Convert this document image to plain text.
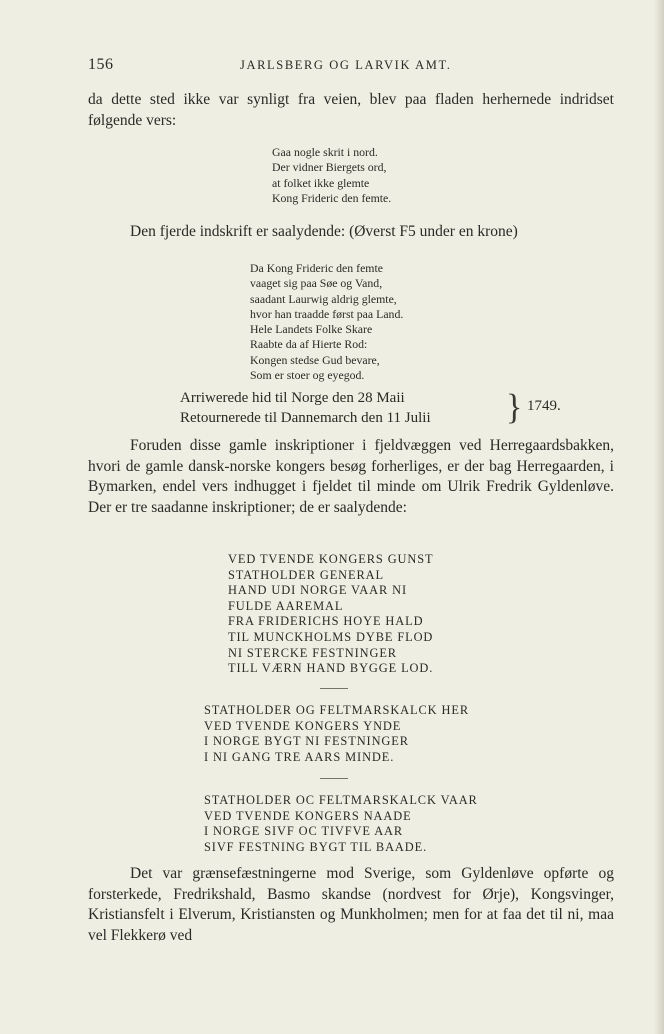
156	JARLSBERG OG LARVIK AMT.

da dette sted ikke var synligt fra veien, blev paa fladen herhernede indridset følgende vers:

Gaa nogle skrit i nord.
Der vidner Biergets ord,
at folket ikke glemte
Kong Frideric den femte.

Den fjerde indskrift er saalydende: (Øverst F5 under en krone)

Da Kong Frideric den femte
vaaget sig paa Søe og Vand,
saadant Laurwig aldrig glemte,
hvor han traadde først paa Land.
Hele Landets Folke Skare
Raabte da af Hierte Rod:
Kongen stedse Gud bevare,
Som er stoer og eyegod.
Arriwerede hid til Norge den 28 Maii
Retournerede til Dannemarch den 11 Julii } 1749.

Foruden disse gamle inskriptioner i fjeldvæggen ved Herregaardsbakken, hvori de gamle dansk-norske kongers besøg forherliges, er der bag Herregaarden, i Bymarken, endel vers indhugget i fjeldet til minde om Ulrik Fredrik Gyldenløve. Der er tre saadanne inskriptioner; de er saalydende:

VED TVENDE KONGERS GUNST
STATHOLDER GENERAL
HAND UDI NORGE VAAR NI
FULDE AAREMAL
FRA FRIDERICHS HOYE HALD
TIL MUNCKHOLMS DYBE FLOD
NI STERCKE FESTNINGER
TILL VÆRN HAND BYGGE LOD.
STATHOLDER OG FELTMARSKALCK HER
VED TVENDE KONGERS YNDE
I NORGE BYGT NI FESTNINGER
I NI GANG TRE AARS MINDE.
STATHOLDER OC FELTMARSKALCK VAAR
VED TVENDE KONGERS NAADE
I NORGE SIVF OC TIVFVE AAR
SIVF FESTNING BYGT TIL BAADE.

Det var grænsefæstningerne mod Sverige, som Gyldenløve opførte og forsterkede, Fredrikshald, Basmo skandse (nordvest for Ørje), Kongsvinger, Kristiansfelt i Elverum, Kristiansten og Munkholmen; men for at faa det til ni, maa vel Flekkerø ved
